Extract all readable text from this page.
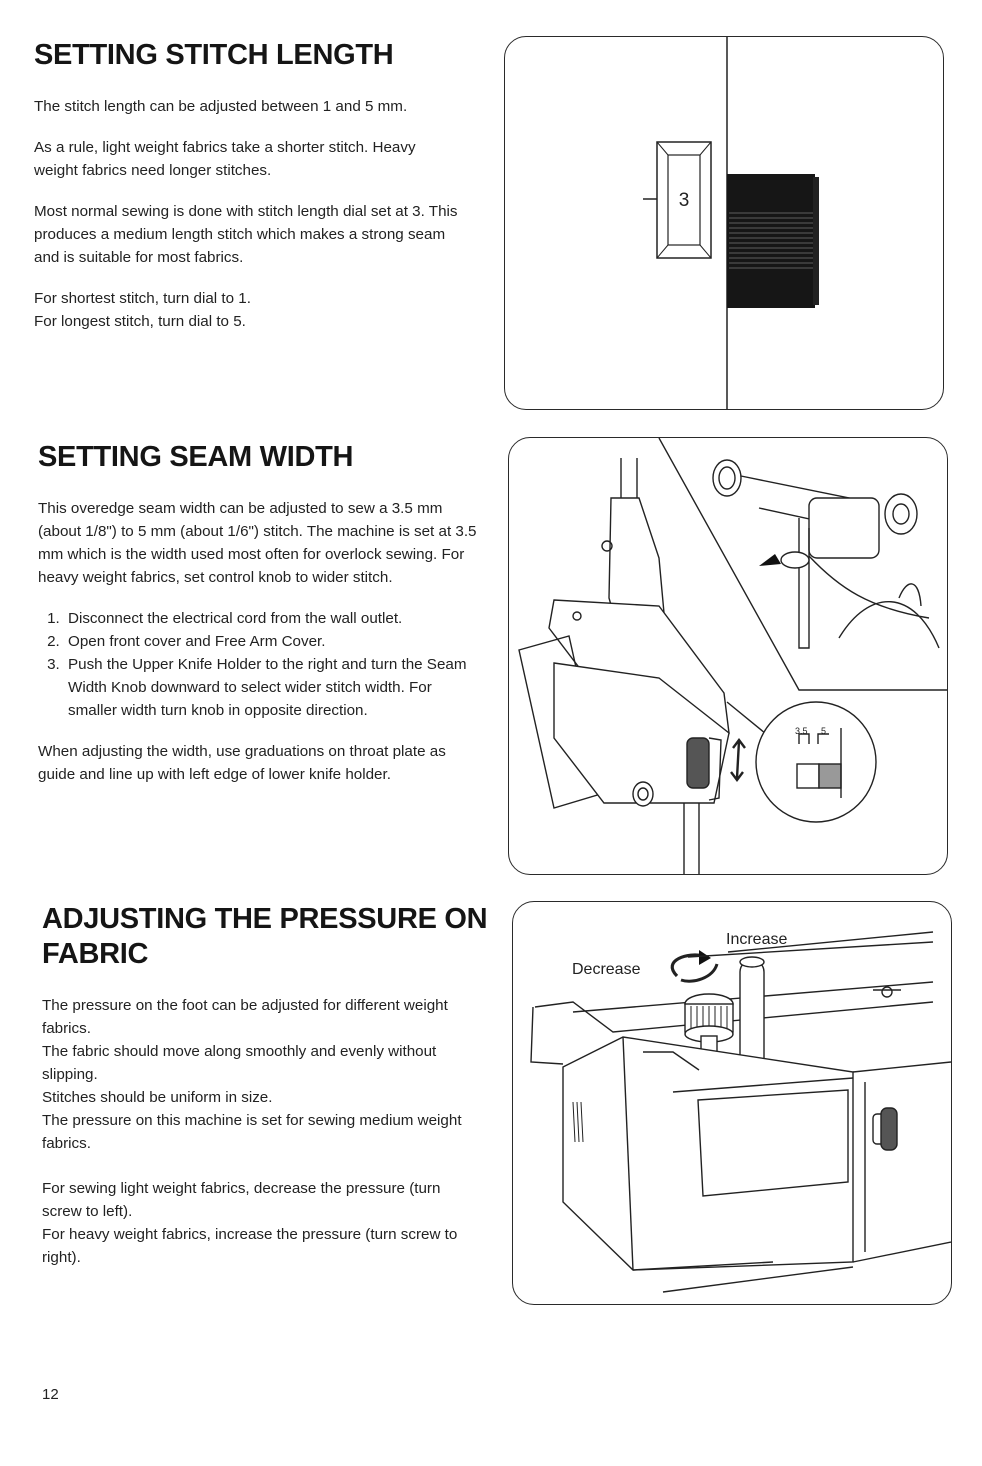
SETTING STITCH LENGTH

The stitch length can be adjusted between 1 and 5 mm.

As a rule, light weight fabrics take a shorter stitch. Heavy weight fabrics need longer stitches.

Most normal sewing is done with stitch length dial set at 3. This produces a medium length stitch which makes a strong seam and is suitable for most fabrics.

For shortest stitch, turn dial to 1.

For longest stitch, turn dial to 5.

3
SETTING SEAM WIDTH

This overedge seam width can be adjusted to sew a 3.5 mm (about 1/8") to 5 mm (about 1/6") stitch. The machine is set at 3.5 mm which is the width used most often for overlock sewing. For heavy weight fabrics, set control knob to wider stitch.

1. Disconnect the electrical cord from the wall outlet.
2. Open front cover and Free Arm Cover.
3. Push the Upper Knife Holder to the right and turn the Seam Width Knob downward to select wider stitch width. For smaller width turn knob in opposite direction.

When adjusting the width, use graduations on throat plate as guide and line up with left edge of lower knife holder.

3.5 5
ADJUSTING THE PRESSURE ON FABRIC

The pressure on the foot can be adjusted for different weight fabrics.

The fabric should move along smoothly and evenly without slipping.

Stitches should be uniform in size.

The pressure on this machine is set for sewing medium weight fabrics.

For sewing light weight fabrics, decrease the pressure (turn screw to left).

For heavy weight fabrics, increase the pressure (turn screw to right).

Increase
Decrease
12
